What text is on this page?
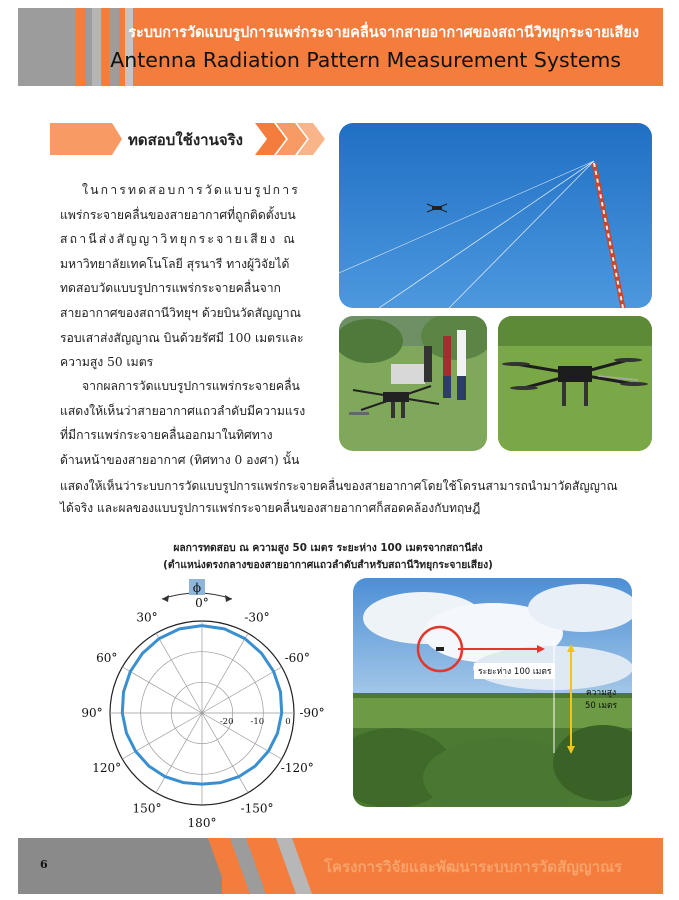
ระบบการวัดแบบรูปการแพร่กระจายคลื่นจากสายอากาศของสถานีวิทยุกระจายเสียง
Antenna Radiation Pattern Measurement Systems
ทดสอบใช้งานจริง
ในการทดสอบการวัดแบบรูปการ
แพร่กระจายคลื่นของสายอากาศที่ถูกติดตั้งบน
สถานีส่งสัญญาวิทยุกระจายเสียง ณ
มหาวิทยาลัยเทคโนโลยี สุรนารี ทางผู้วิจัยได้
ทดสอบวัดแบบรูปการแพร่กระจายคลื่นจาก
สายอากาศของสถานีวิทยุฯ ด้วยบินวัดสัญญาณ
รอบเสาส่งสัญญาณ บินด้วยรัศมี 100 เมตรและ
ความสูง 50 เมตร
จากผลการวัดแบบรูปการแพร่กระจายคลื่น
แสดงให้เห็นว่าสายอากาศแถวลำดับมีความแรง
ที่มีการแพร่กระจายคลื่นออกมาในทิศทาง
ด้านหน้าของสายอากาศ (ทิศทาง 0 องศา) นั้น
แสดงให้เห็นว่าระบบการวัดแบบรูปการแพร่กระจายคลื่นของสายอากาศโดยใช้โดรนสามารถนำมาวัดสัญญาณ
ได้จริง และผลของแบบรูปการแพร่กระจายคลื่นของสายอากาศก็สอดคล้องกับทฤษฎี
ผลการทดสอบ ณ ความสูง 50 เมตร ระยะห่าง 100 เมตรจากสถานีส่ง
(ตำแหน่งตรงกลางของสายอากาศแถวลำดับสำหรับสถานีวิทยุกระจายเสียง)
0°
30°
60°
90°
120°
150°
180°
-150°
-120°
-90°
-60°
-30°
-20 -10 0
ϕ
ระยะห่าง 100 เมตร
ความสูง
50 เมตร
6	โครงการวิจัยและพัฒนาระบบการวัดสัญญาณร
